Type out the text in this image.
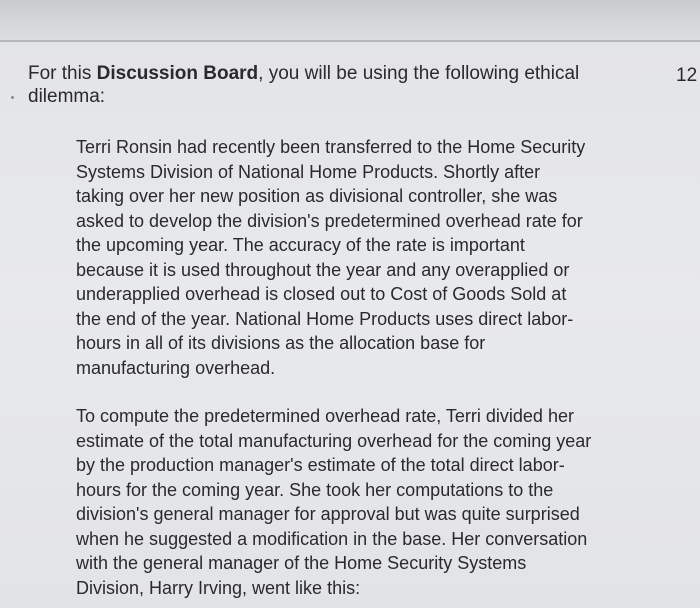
12

For this Discussion Board, you will be using the following ethical
dilemma:

Terri Ronsin had recently been transferred to the Home Security
Systems Division of National Home Products. Shortly after
taking over her new position as divisional controller, she was
asked to develop the division's predetermined overhead rate for
the upcoming year. The accuracy of the rate is important
because it is used throughout the year and any overapplied or
underapplied overhead is closed out to Cost of Goods Sold at
the end of the year. National Home Products uses direct labor-
hours in all of its divisions as the allocation base for
manufacturing overhead.

To compute the predetermined overhead rate, Terri divided her
estimate of the total manufacturing overhead for the coming year
by the production manager's estimate of the total direct labor-
hours for the coming year. She took her computations to the
division's general manager for approval but was quite surprised
when he suggested a modification in the base. Her conversation
with the general manager of the Home Security Systems
Division, Harry Irving, went like this:
